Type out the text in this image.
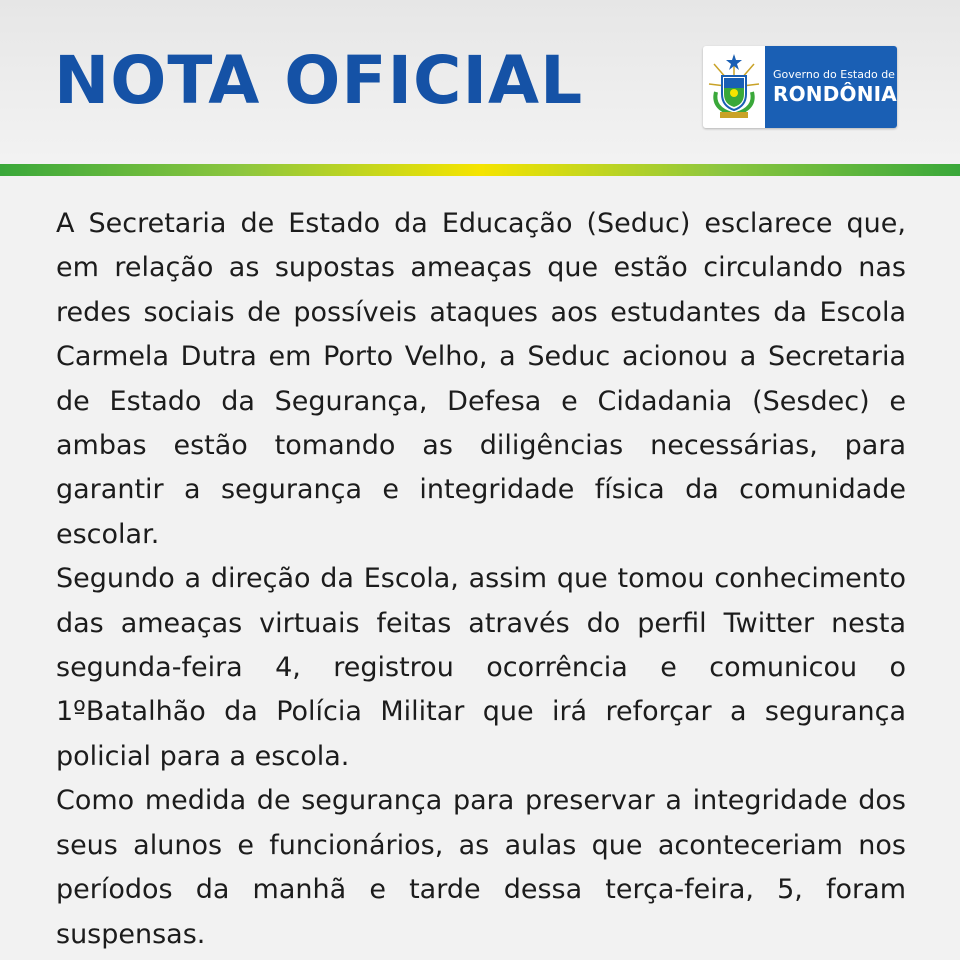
NOTA OFICIAL	Governo do Estado de
RONDÔNIA

A Secretaria de Estado da Educação (Seduc) esclarece que, em relação as supostas ameaças que estão circulando nas redes sociais de possíveis ataques aos estudantes da Escola Carmela Dutra em Porto Velho, a Seduc acionou a Secretaria de Estado da Segurança, Defesa e Cidadania (Sesdec) e ambas estão tomando as diligências necessárias, para garantir a segurança e integridade física da comunidade escolar.

Segundo a direção da Escola, assim que tomou conhecimento das ameaças virtuais feitas através do perfil Twitter nesta segunda-feira 4, registrou ocorrência e comunicou o 1ºBatalhão da Polícia Militar que irá reforçar a segurança policial para a escola.

Como medida de segurança para preservar a integridade dos seus alunos e funcionários, as aulas que aconteceriam nos períodos da manhã e tarde dessa terça-feira, 5, foram suspensas.
